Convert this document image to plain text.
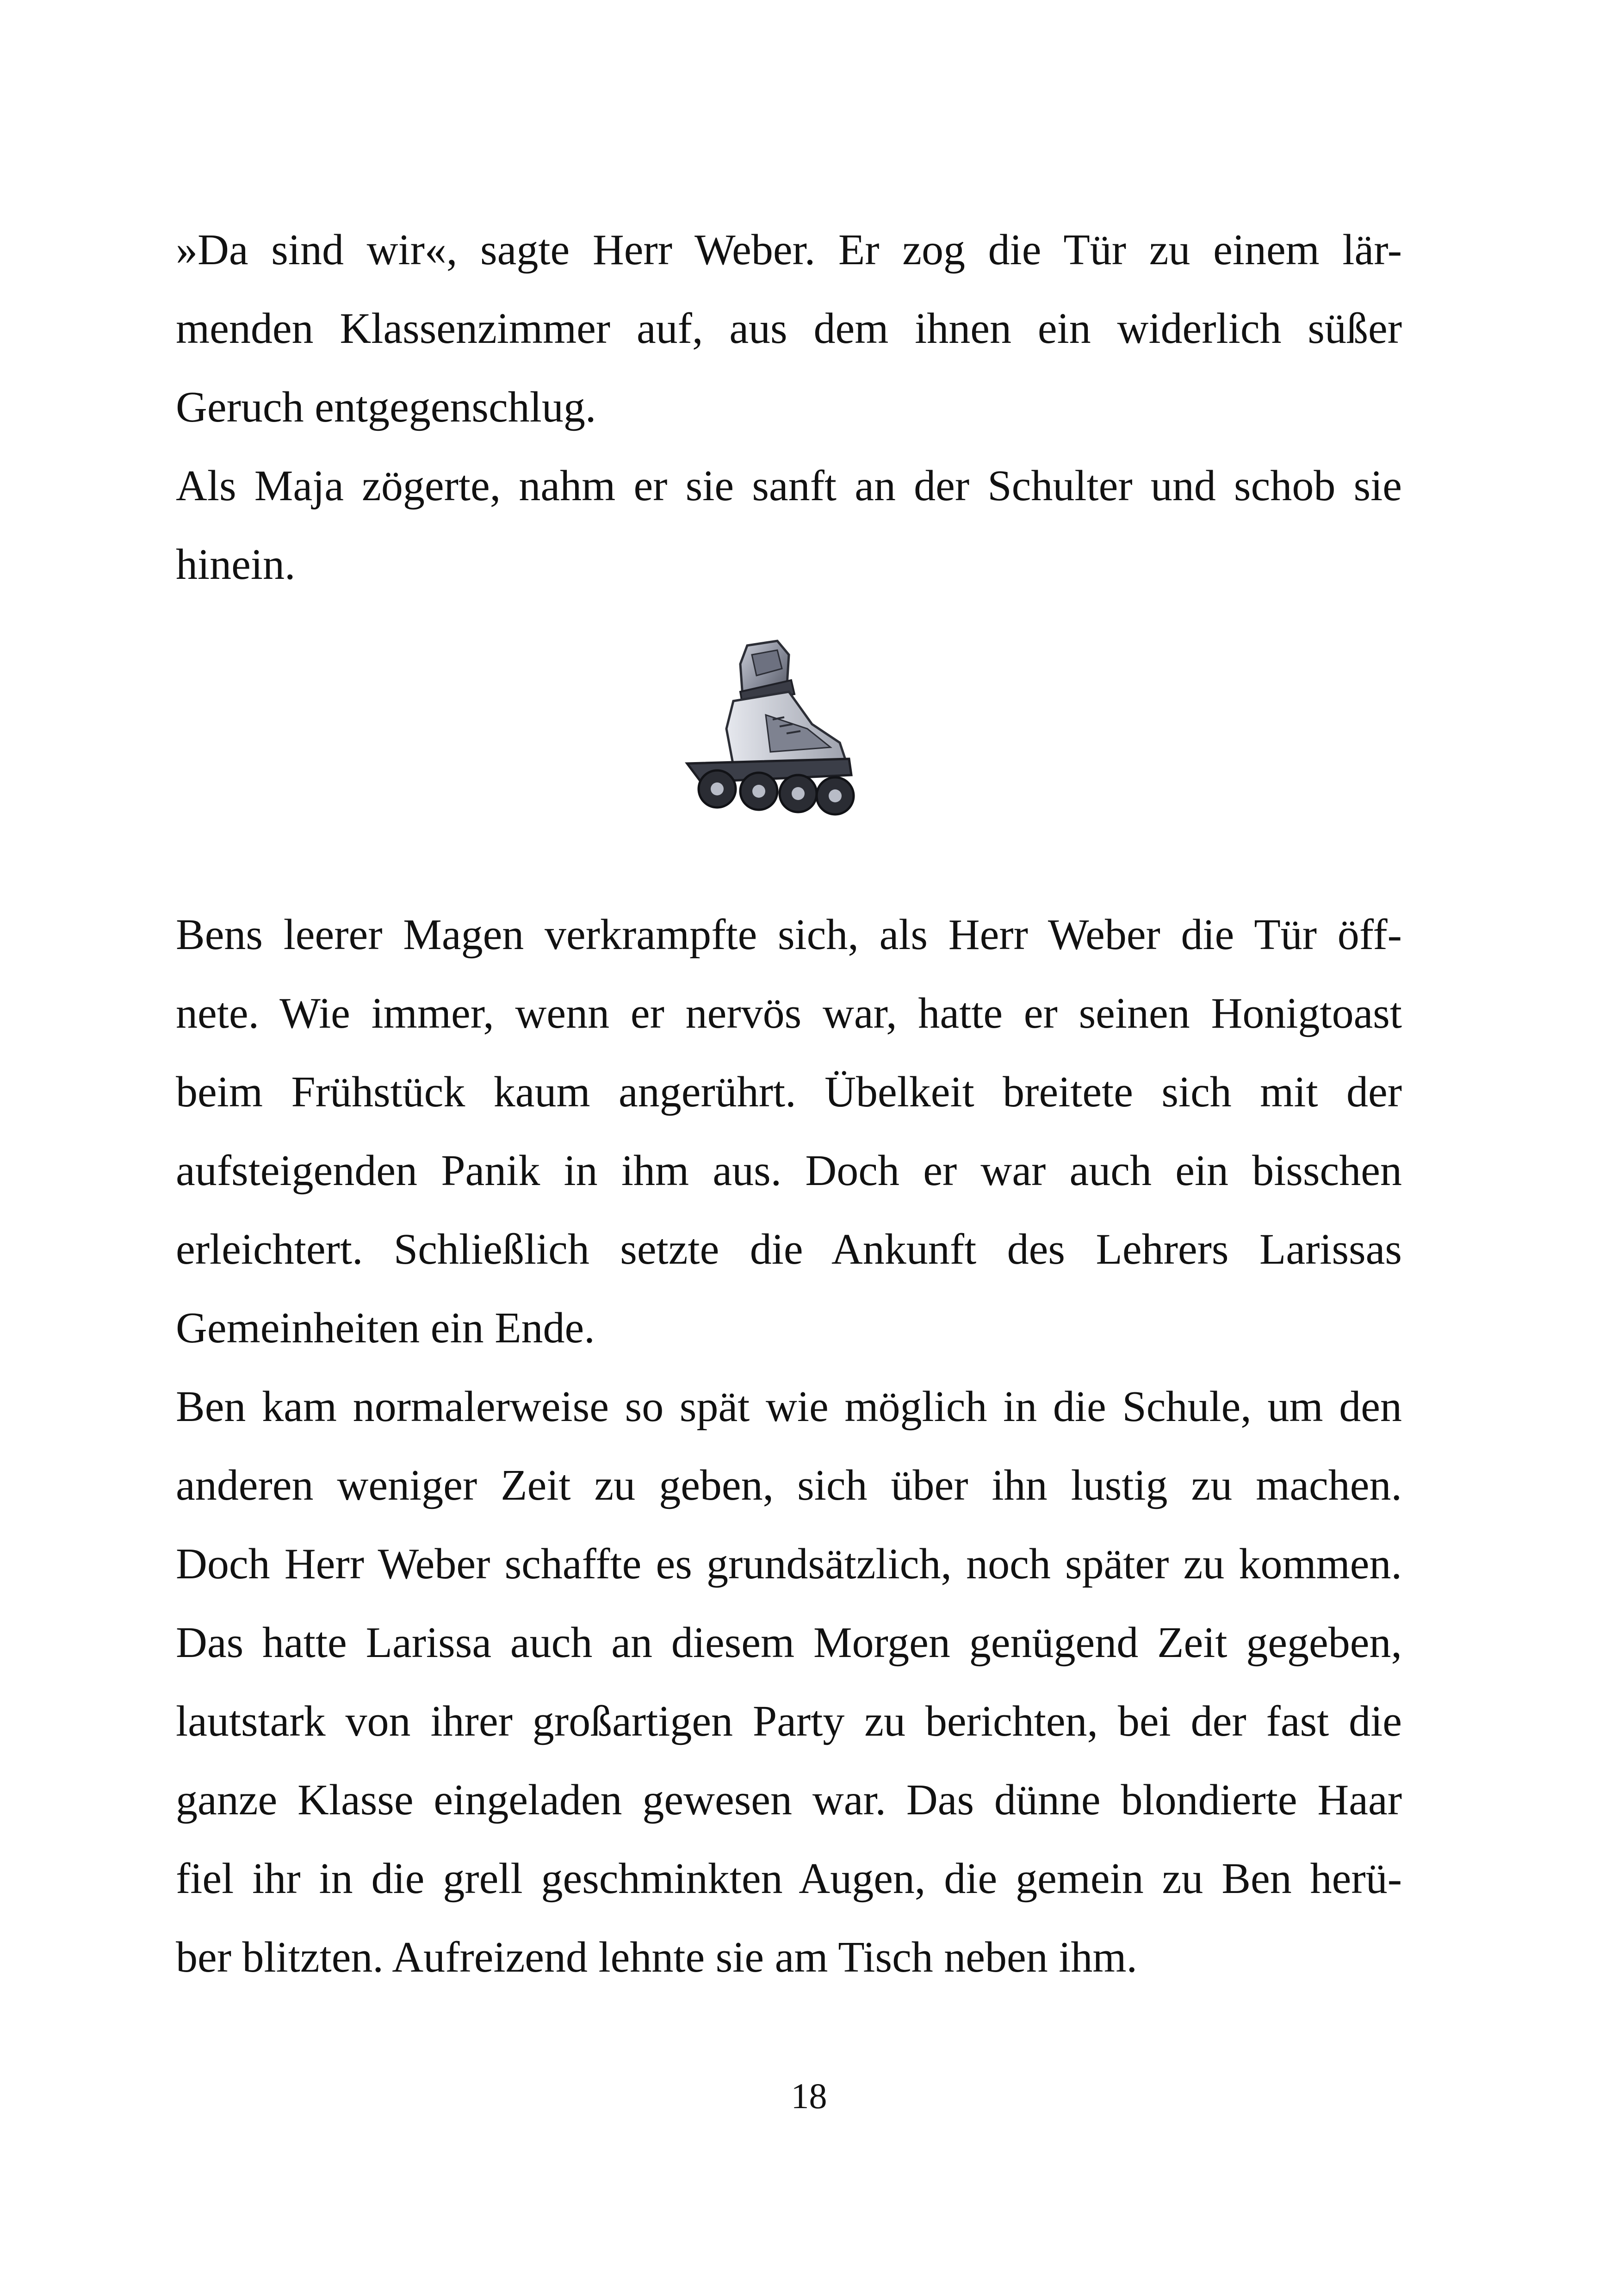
»Da sind wir«, sagte Herr Weber. Er zog die Tür zu einem lär-
menden Klassenzimmer auf, aus dem ihnen ein widerlich süßer
Geruch entgegenschlug.

Als Maja zögerte, nahm er sie sanft an der Schulter und schob sie
hinein.

Bens leerer Magen verkrampfte sich, als Herr Weber die Tür öff-
nete. Wie immer, wenn er nervös war, hatte er seinen Honigtoast
beim Frühstück kaum angerührt. Übelkeit breitete sich mit der
aufsteigenden Panik in ihm aus. Doch er war auch ein bisschen
erleichtert. Schließlich setzte die Ankunft des Lehrers Larissas
Gemeinheiten ein Ende.

Ben kam normalerweise so spät wie möglich in die Schule, um den
anderen weniger Zeit zu geben, sich über ihn lustig zu machen.
Doch Herr Weber schaffte es grundsätzlich, noch später zu kommen.
Das hatte Larissa auch an diesem Morgen genügend Zeit gegeben,
lautstark von ihrer großartigen Party zu berichten, bei der fast die
ganze Klasse eingeladen gewesen war. Das dünne blondierte Haar
fiel ihr in die grell geschminkten Augen, die gemein zu Ben herü-
ber blitzten. Aufreizend lehnte sie am Tisch neben ihm.

18
